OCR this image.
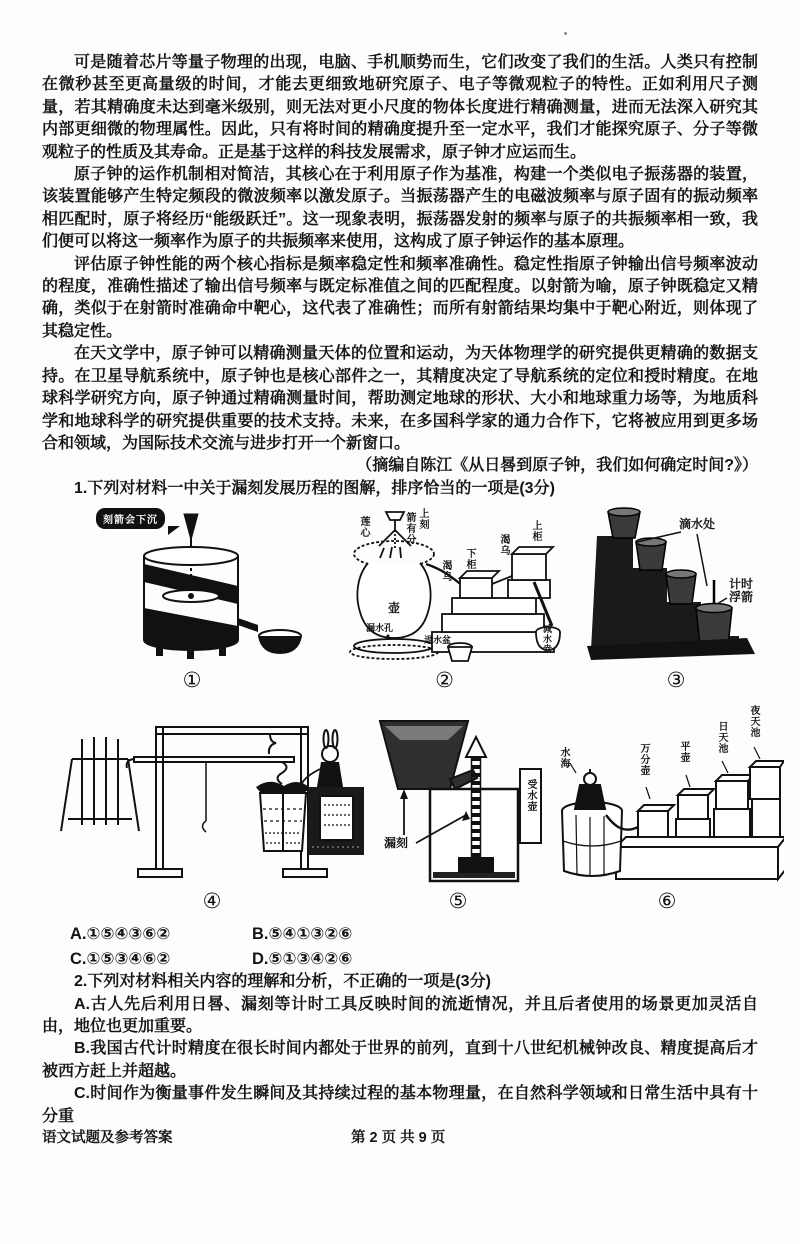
可是随着芯片等量子物理的出现，电脑、手机顺势而生，它们改变了我们的生活。人类只有控制在微秒甚至更高量级的时间，才能去更细致地研究原子、电子等微观粒子的特性。正如利用尺子测量，若其精确度未达到毫米级别，则无法对更小尺度的物体长度进行精确测量，进而无法深入研究其内部更细微的物理属性。因此，只有将时间的精确度提升至一定水平，我们才能探究原子、分子等微观粒子的性质及其寿命。正是基于这样的科技发展需求，原子钟才应运而生。

原子钟的运作机制相对简洁，其核心在于利用原子作为基准，构建一个类似电子振荡器的装置，该装置能够产生特定频段的微波频率以激发原子。当振荡器产生的电磁波频率与原子固有的振动频率相匹配时，原子将经历“能级跃迁”。这一现象表明，振荡器发射的频率与原子的共振频率相一致，我们便可以将这一频率作为原子的共振频率来使用，这构成了原子钟运作的基本原理。

评估原子钟性能的两个核心指标是频率稳定性和频率准确性。稳定性指原子钟输出信号频率波动的程度，准确性描述了输出信号频率与既定标准值之间的匹配程度。以射箭为喻，原子钟既稳定又精确，类似于在射箭时准确命中靶心，这代表了准确性；而所有射箭结果均集中于靶心附近，则体现了其稳定性。

在天文学中，原子钟可以精确测量天体的位置和运动，为天体物理学的研究提供更精确的数据支持。在卫星导航系统中，原子钟也是核心部件之一，其精度决定了导航系统的定位和授时精度。在地球科学研究方向，原子钟通过精确测量时间，帮助测定地球的形状、大小和地球重力场等，为地质科学和地球科学的研究提供重要的技术支持。未来，在多国科学家的通力合作下，它将被应用到更多场合和领域，为国际技术交流与进步打开一个新窗口。

（摘编自陈江《从日晷到原子钟，我们如何确定时间?》）

1.下列对材料一中关于漏刻发展历程的图解，排序恰当的一项是(3分)

刻箭会下沉
①
莲心	上刻
箭有分
渴乌
下柜
渴乌
上柜
壶
漏水孔
退水盆	减水盎
②
滴水处
计时浮箭
③
④
漏刻
受水壶
⑤
水海	万分壶	平壶	日天池 夜天池
⑥
A.①⑤④③⑥②	B.⑤④①③②⑥
C.①⑤③④⑥②	D.⑤①③④②⑥

2.下列对材料相关内容的理解和分析，不正确的一项是(3分)

A.古人先后利用日晷、漏刻等计时工具反映时间的流逝情况，并且后者使用的场景更加灵活自由，地位也更加重要。

B.我国古代计时精度在很长时间内都处于世界的前列，直到十八世纪机械钟改良、精度提高后才被西方赶上并超越。

C.时间作为衡量事件发生瞬间及其持续过程的基本物理量，在自然科学领域和日常生活中具有十分重

语文试题及参考答案	第 2 页 共 9 页
